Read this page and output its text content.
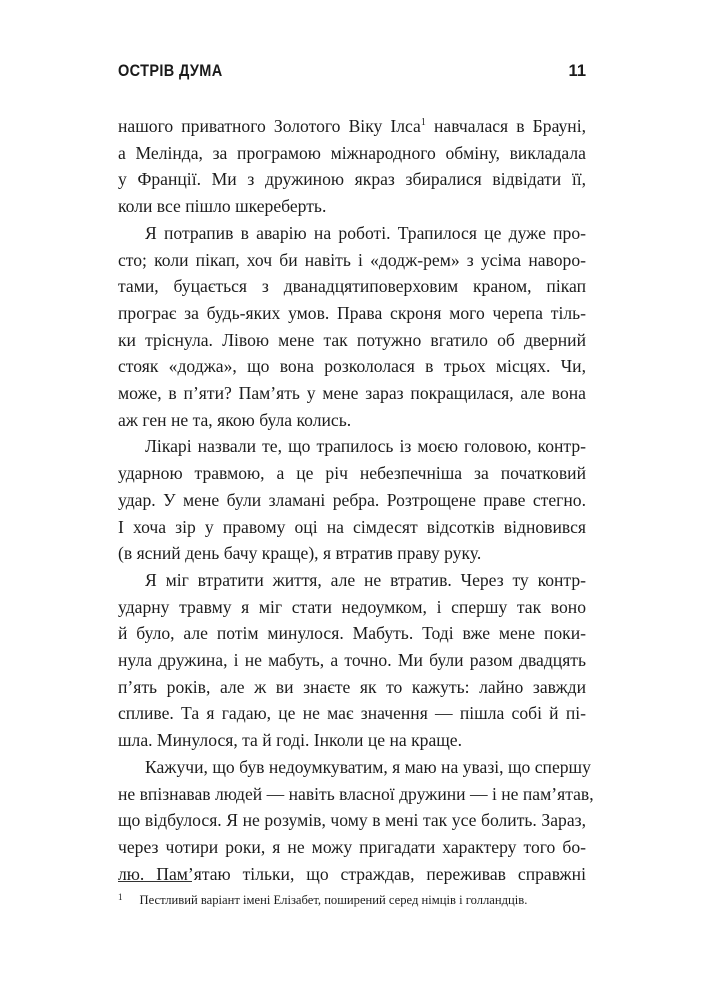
ОСТРІВ ДУМА	11

нашого приватного Золотого Віку Ілса$^1$ навчалася в Брауні,
а Мелінда, за програмою міжнародного обміну, викладала
у Франції. Ми з дружиною якраз збиралися відвідати її,
коли все пішло шкереберть.

Я потрапив в аварію на роботі. Трапилося це дуже про-
сто; коли пікап, хоч би навіть і «додж-рем» з усіма наворо-
тами, буцається з дванадцятиповерховим краном, пікап
програє за будь-яких умов. Права скроня мого черепа тіль-
ки тріснула. Лівою мене так потужно вгатило об дверний
стояк «доджа», що вона розкололася в трьох місцях. Чи,
може, в п’яти? Пам’ять у мене зараз покращилася, але вона
аж ген не та, якою була колись.

Лікарі назвали те, що трапилось із моєю головою, контр-
ударною травмою, а це річ небезпечніша за початковий
удар. У мене були зламані ребра. Розтрощене праве стегно.
І хоча зір у правому оці на сімдесят відсотків відновився
(в ясний день бачу краще), я втратив праву руку.

Я міг втратити життя, але не втратив. Через ту контр-
ударну травму я міг стати недоумком, і спершу так воно
й було, але потім минулося. Мабуть. Тоді вже мене поки-
нула дружина, і не мабуть, а точно. Ми були разом двадцять
п’ять років, але ж ви знаєте як то кажуть: лайно завжди
спливе. Та я гадаю, це не має значення — пішла собі й пі-
шла. Минулося, та й годі. Інколи це на краще.

Кажучи, що був недоумкуватим, я маю на увазі, що спершу
не впізнавав людей — навіть власної дружини — і не пам’ятав,
що відбулося. Я не розумів, чому в мені так усе болить. Зараз,
через чотири роки, я не можу пригадати характеру того бо-
лю. Пам’ятаю тільки, що страждав, переживав справжні

$^1$ Пестливий варіант імені Елізабет, поширений серед німців і голландців.
